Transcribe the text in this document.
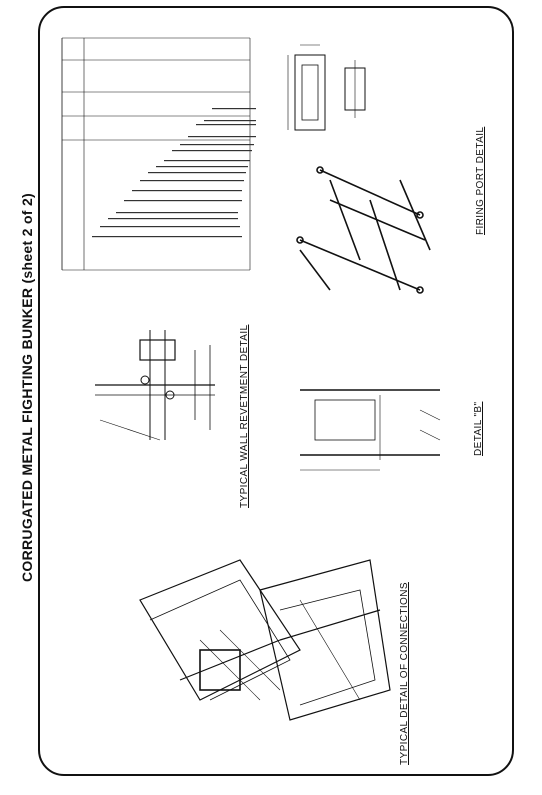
CORRUGATED METAL FIGHTING BUNKER (sheet 2 of 2)
TYPICAL DETAIL OF CONNECTIONS
TYPICAL WALL REVETMENT DETAIL	DETAIL "B"
FIRING PORT DETAIL
